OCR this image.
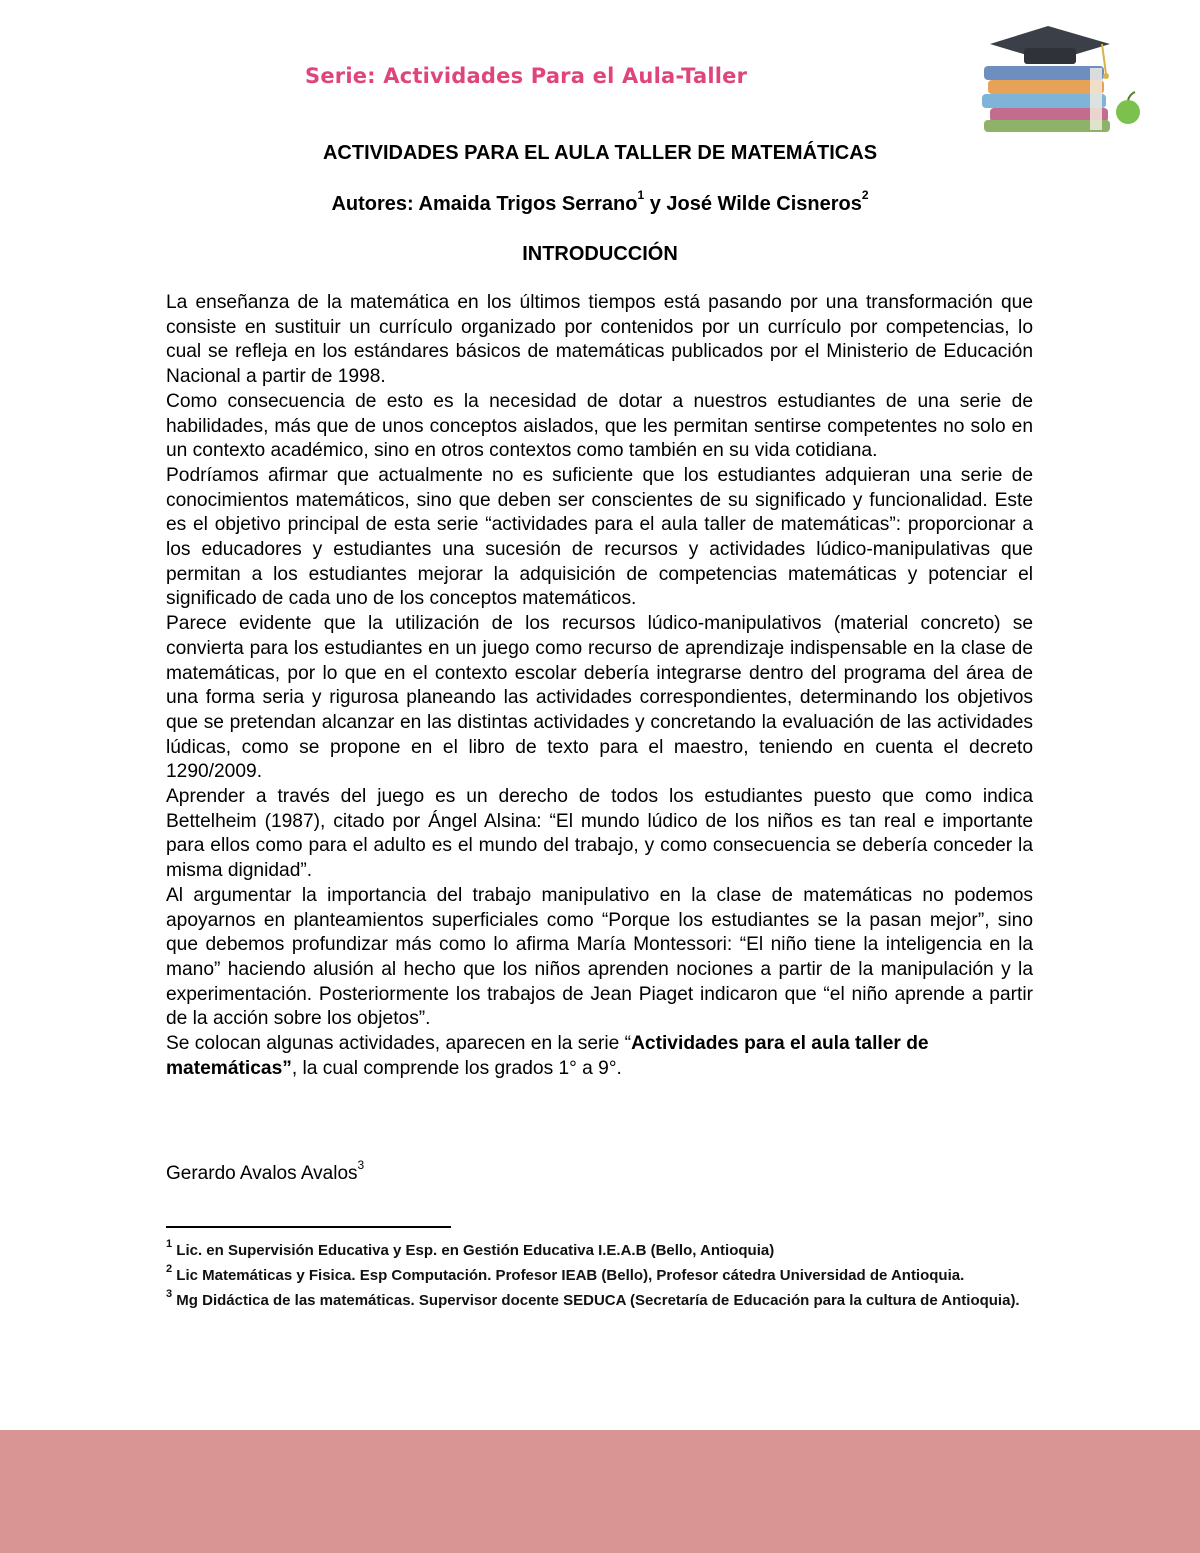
Serie: Actividades Para el Aula-Taller
ACTIVIDADES PARA EL AULA TALLER DE MATEMÁTICAS
Autores: Amaida Trigos Serrano$^1$ y José Wilde Cisneros$^2$
INTRODUCCIÓN

La enseñanza de la matemática en los últimos tiempos está pasando por una transformación que consiste en sustituir un currículo organizado por contenidos por un currículo por competencias, lo cual se refleja en los estándares básicos de matemáticas publicados por el Ministerio de Educación Nacional a partir de 1998.

Como consecuencia de esto es la necesidad de dotar a nuestros estudiantes de una serie de habilidades, más que de unos conceptos aislados, que les permitan sentirse competentes no solo en un contexto académico, sino en otros contextos como también en su vida cotidiana.

Podríamos afirmar que actualmente no es suficiente que los estudiantes adquieran una serie de conocimientos matemáticos, sino que deben ser conscientes de su significado y funcionalidad. Este es el objetivo principal de esta serie “actividades para el aula taller de matemáticas”: proporcionar a los educadores y estudiantes una sucesión de recursos y actividades lúdico-manipulativas que permitan a los estudiantes mejorar la adquisición de competencias matemáticas y potenciar el significado de cada uno de los conceptos matemáticos.

Parece evidente que la utilización de los recursos lúdico-manipulativos (material concreto) se convierta para los estudiantes en un juego como recurso de aprendizaje indispensable en la clase de matemáticas, por lo que en el contexto escolar debería integrarse dentro del programa del área de una forma seria y rigurosa planeando las actividades correspondientes, determinando los objetivos que se pretendan alcanzar en las distintas actividades y concretando la evaluación de las actividades lúdicas, como se propone en el libro de texto para el maestro, teniendo en cuenta el decreto 1290/2009.

Aprender a través del juego es un derecho de todos los estudiantes puesto que como indica Bettelheim (1987), citado por Ángel Alsina: “El mundo lúdico de los niños es tan real e importante para ellos como para el adulto es el mundo del trabajo, y como consecuencia se debería conceder la misma dignidad”.

Al argumentar la importancia del trabajo manipulativo en la clase de matemáticas no podemos apoyarnos en planteamientos superficiales como “Porque los estudiantes se la pasan mejor”, sino que debemos profundizar más como lo afirma María Montessori: “El niño tiene la inteligencia en la mano” haciendo alusión al hecho que los niños aprenden nociones a partir de la manipulación y la experimentación. Posteriormente los trabajos de Jean Piaget indicaron que “el niño aprende a partir de la acción sobre los objetos”.

Se colocan algunas actividades, aparecen en la serie “Actividades para el aula taller de matemáticas”, la cual comprende los grados 1° a 9°.

Gerardo Avalos Avalos$^3$

$^1$ Lic. en Supervisión Educativa y Esp. en Gestión Educativa I.E.A.B (Bello, Antioquia)

$^2$ Lic Matemáticas y Fisica. Esp Computación. Profesor IEAB (Bello), Profesor cátedra Universidad de Antioquia.

$^3$ Mg Didáctica de las matemáticas. Supervisor docente SEDUCA (Secretaría de Educación para la cultura de Antioquia).
